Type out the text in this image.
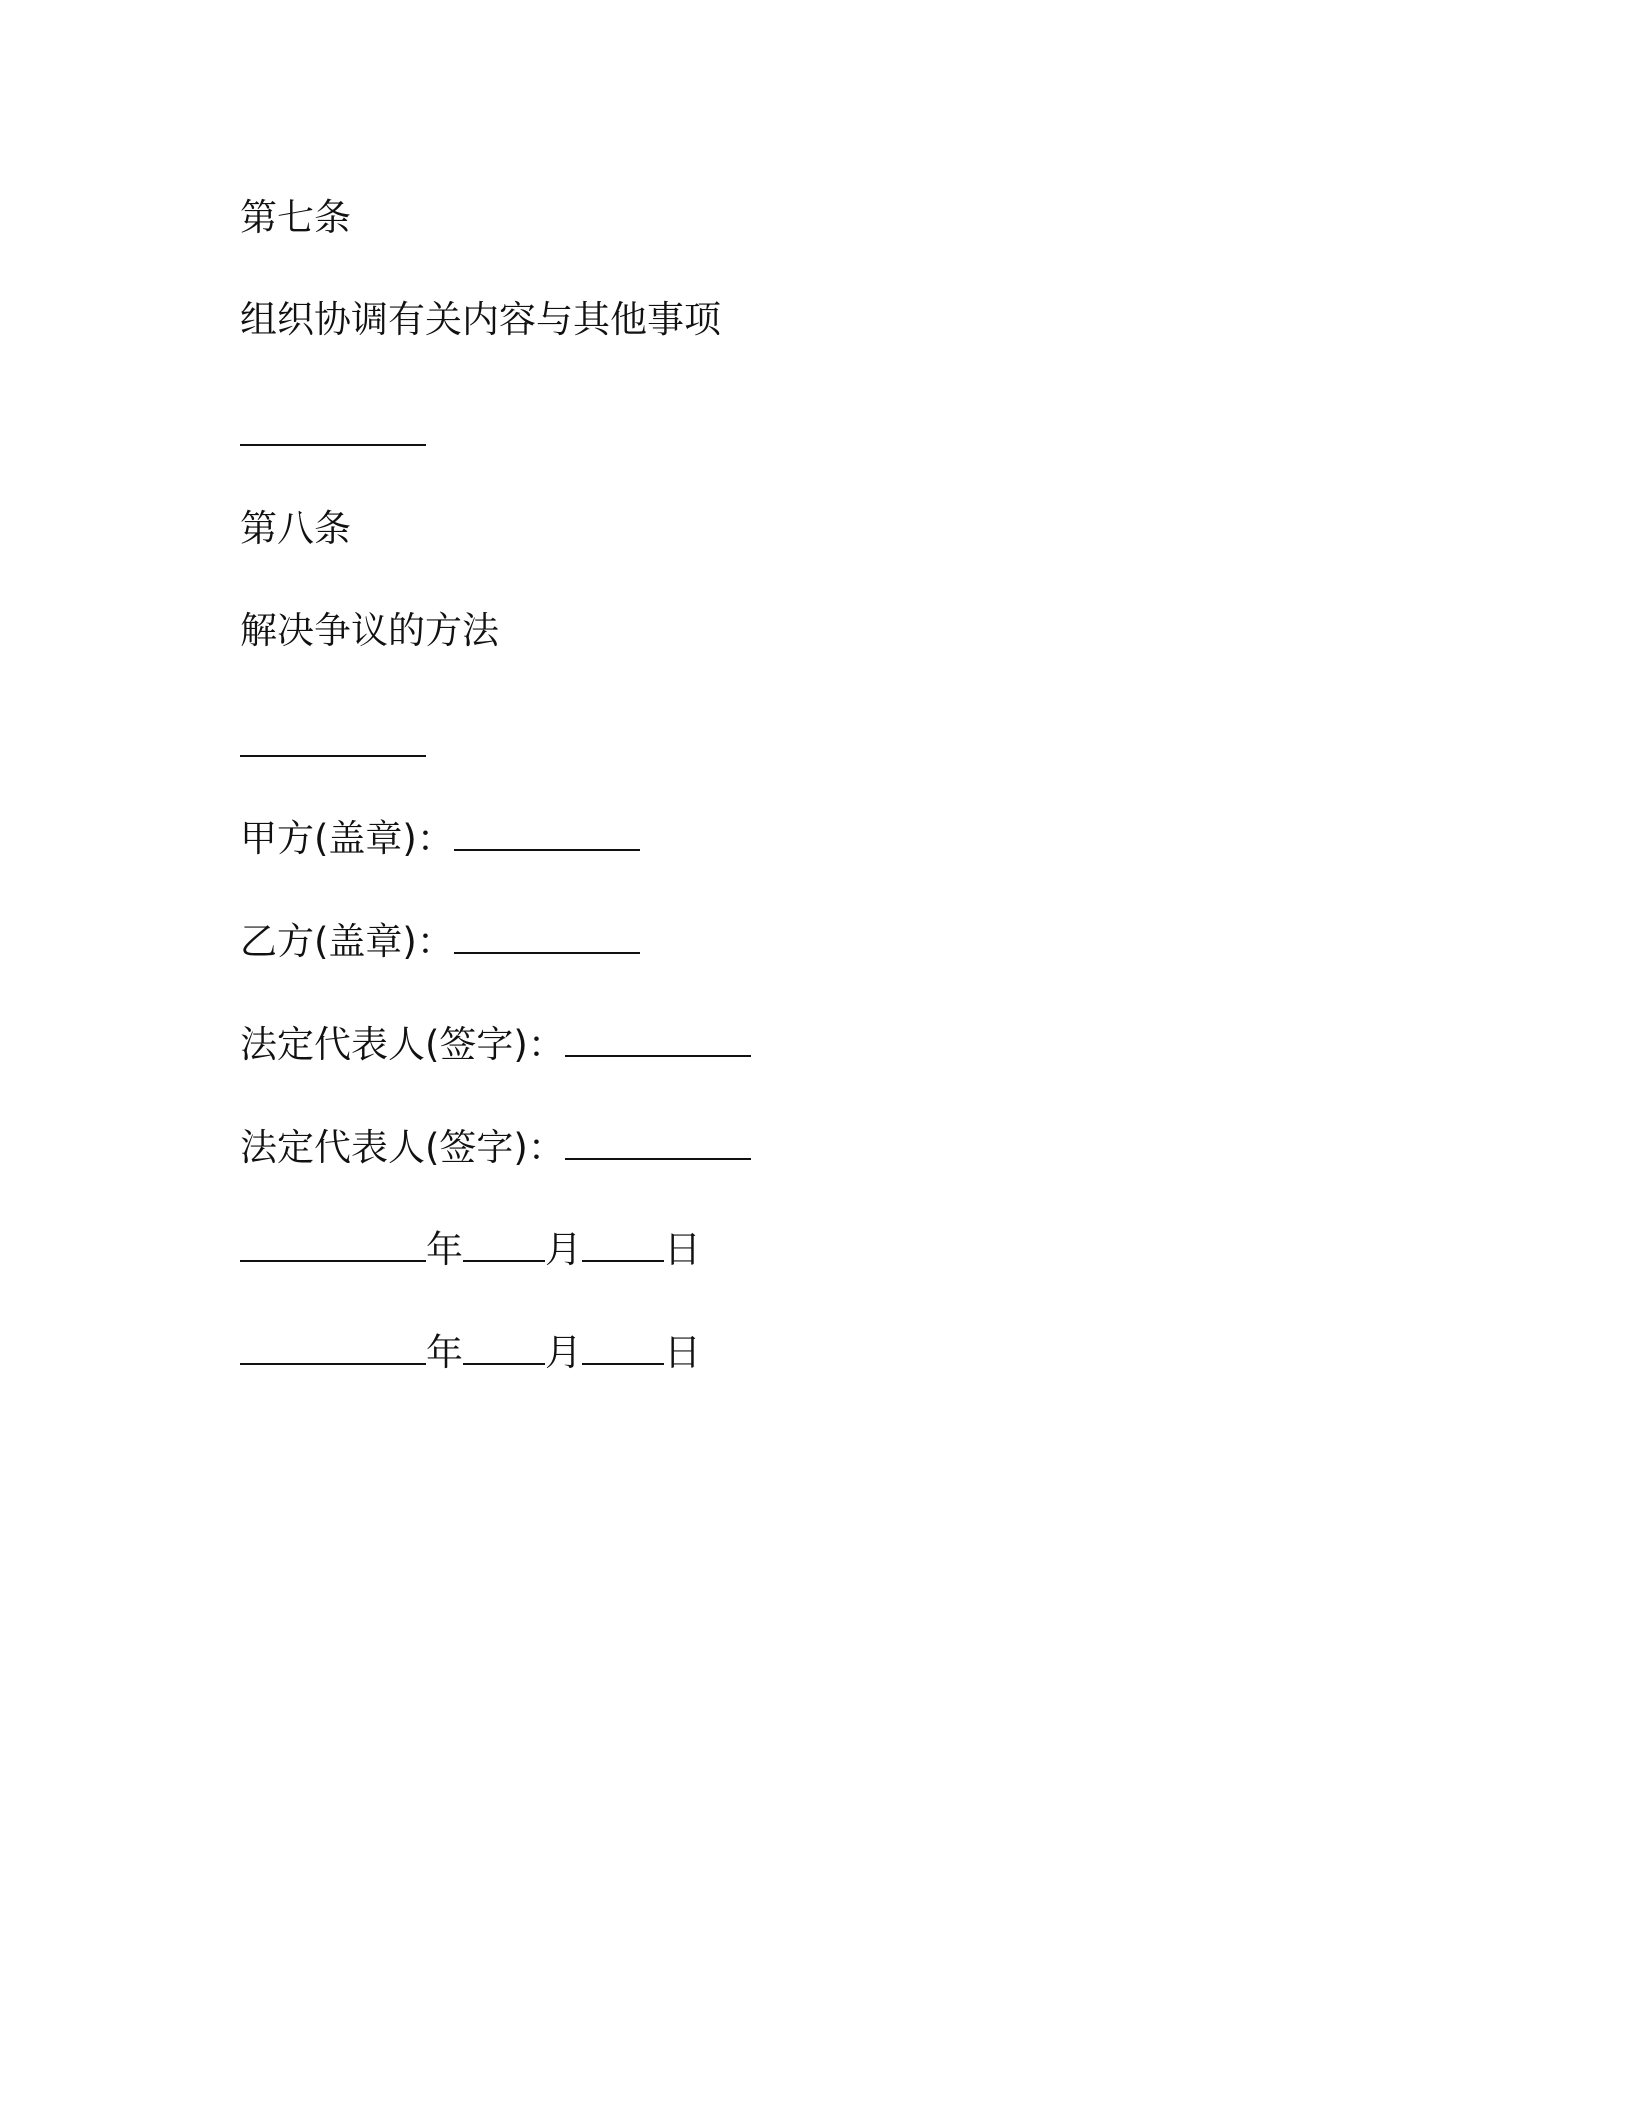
第七条
组织协调有关内容与其他事项
第八条
解决争议的方法
甲方(盖章)：
乙方(盖章)：
法定代表人(签字)：
法定代表人(签字)：
年 月 日
年 月 日
